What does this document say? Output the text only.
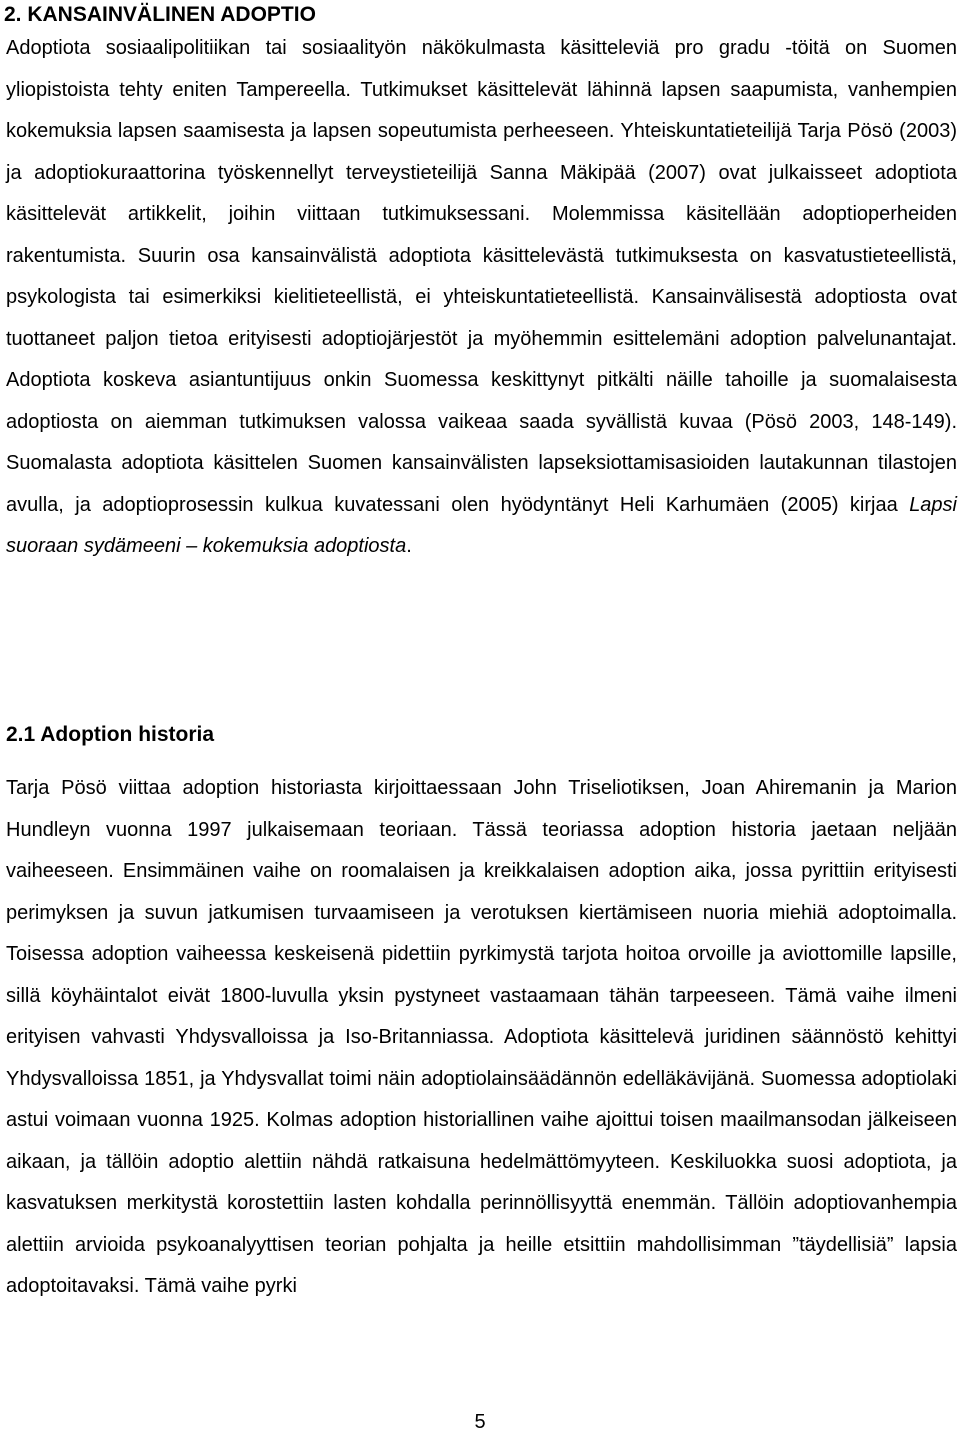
2. KANSAINVÄLINEN ADOPTIO

Adoptiota sosiaalipolitiikan tai sosiaalityön näkökulmasta käsitteleviä pro gradu -töitä on Suomen yliopistoista tehty eniten Tampereella. Tutkimukset käsittelevät lähinnä lapsen saapumista, vanhempien kokemuksia lapsen saamisesta ja lapsen sopeutumista perheeseen. Yhteiskuntatieteilijä Tarja Pösö (2003) ja adoptiokuraattorina työskennellyt terveystieteilijä Sanna Mäkipää (2007) ovat julkaisseet adoptiota käsittelevät artikkelit, joihin viittaan tutkimuksessani. Molemmissa käsitellään adoptioperheiden rakentumista. Suurin osa kansainvälistä adoptiota käsittelevästä tutkimuksesta on kasvatustieteellistä, psykologista tai esimerkiksi kielitieteellistä, ei yhteiskuntatieteellistä. Kansainvälisestä adoptiosta ovat tuottaneet paljon tietoa erityisesti adoptiojärjestöt ja myöhemmin esittelemäni adoption palvelunantajat. Adoptiota koskeva asiantuntijuus onkin Suomessa keskittynyt pitkälti näille tahoille ja suomalaisesta adoptiosta on aiemman tutkimuksen valossa vaikeaa saada syvällistä kuvaa (Pösö 2003, 148-149). Suomalasta adoptiota käsittelen Suomen kansainvälisten lapseksiottamisasioiden lautakunnan tilastojen avulla, ja adoptioprosessin kulkua kuvatessani olen hyödyntänyt Heli Karhumäen (2005) kirjaa Lapsi suoraan sydämeeni – kokemuksia adoptiosta.

2.1 Adoption historia

Tarja Pösö viittaa adoption historiasta kirjoittaessaan John Triseliotiksen, Joan Ahiremanin ja Marion Hundleyn vuonna 1997 julkaisemaan teoriaan. Tässä teoriassa adoption historia jaetaan neljään vaiheeseen. Ensimmäinen vaihe on roomalaisen ja kreikkalaisen adoption aika, jossa pyrittiin erityisesti perimyksen ja suvun jatkumisen turvaamiseen ja verotuksen kiertämiseen nuoria miehiä adoptoimalla. Toisessa adoption vaiheessa keskeisenä pidettiin pyrkimystä tarjota hoitoa orvoille ja aviottomille lapsille, sillä köyhäintalot eivät 1800-luvulla yksin pystyneet vastaamaan tähän tarpeeseen. Tämä vaihe ilmeni erityisen vahvasti Yhdysvalloissa ja Iso-Britanniassa. Adoptiota käsittelevä juridinen säännöstö kehittyi Yhdysvalloissa 1851, ja Yhdysvallat toimi näin adoptiolainsäädännön edelläkävijänä. Suomessa adoptiolaki astui voimaan vuonna 1925. Kolmas adoption historiallinen vaihe ajoittui toisen maailmansodan jälkeiseen aikaan, ja tällöin adoptio alettiin nähdä ratkaisuna hedelmättömyyteen. Keskiluokka suosi adoptiota, ja kasvatuksen merkitystä korostettiin lasten kohdalla perinnöllisyyttä enemmän. Tällöin adoptiovanhempia alettiin arvioida psykoanalyyttisen teorian pohjalta ja heille etsittiin mahdollisimman ”täydellisiä” lapsia adoptoitavaksi. Tämä vaihe pyrki

5
